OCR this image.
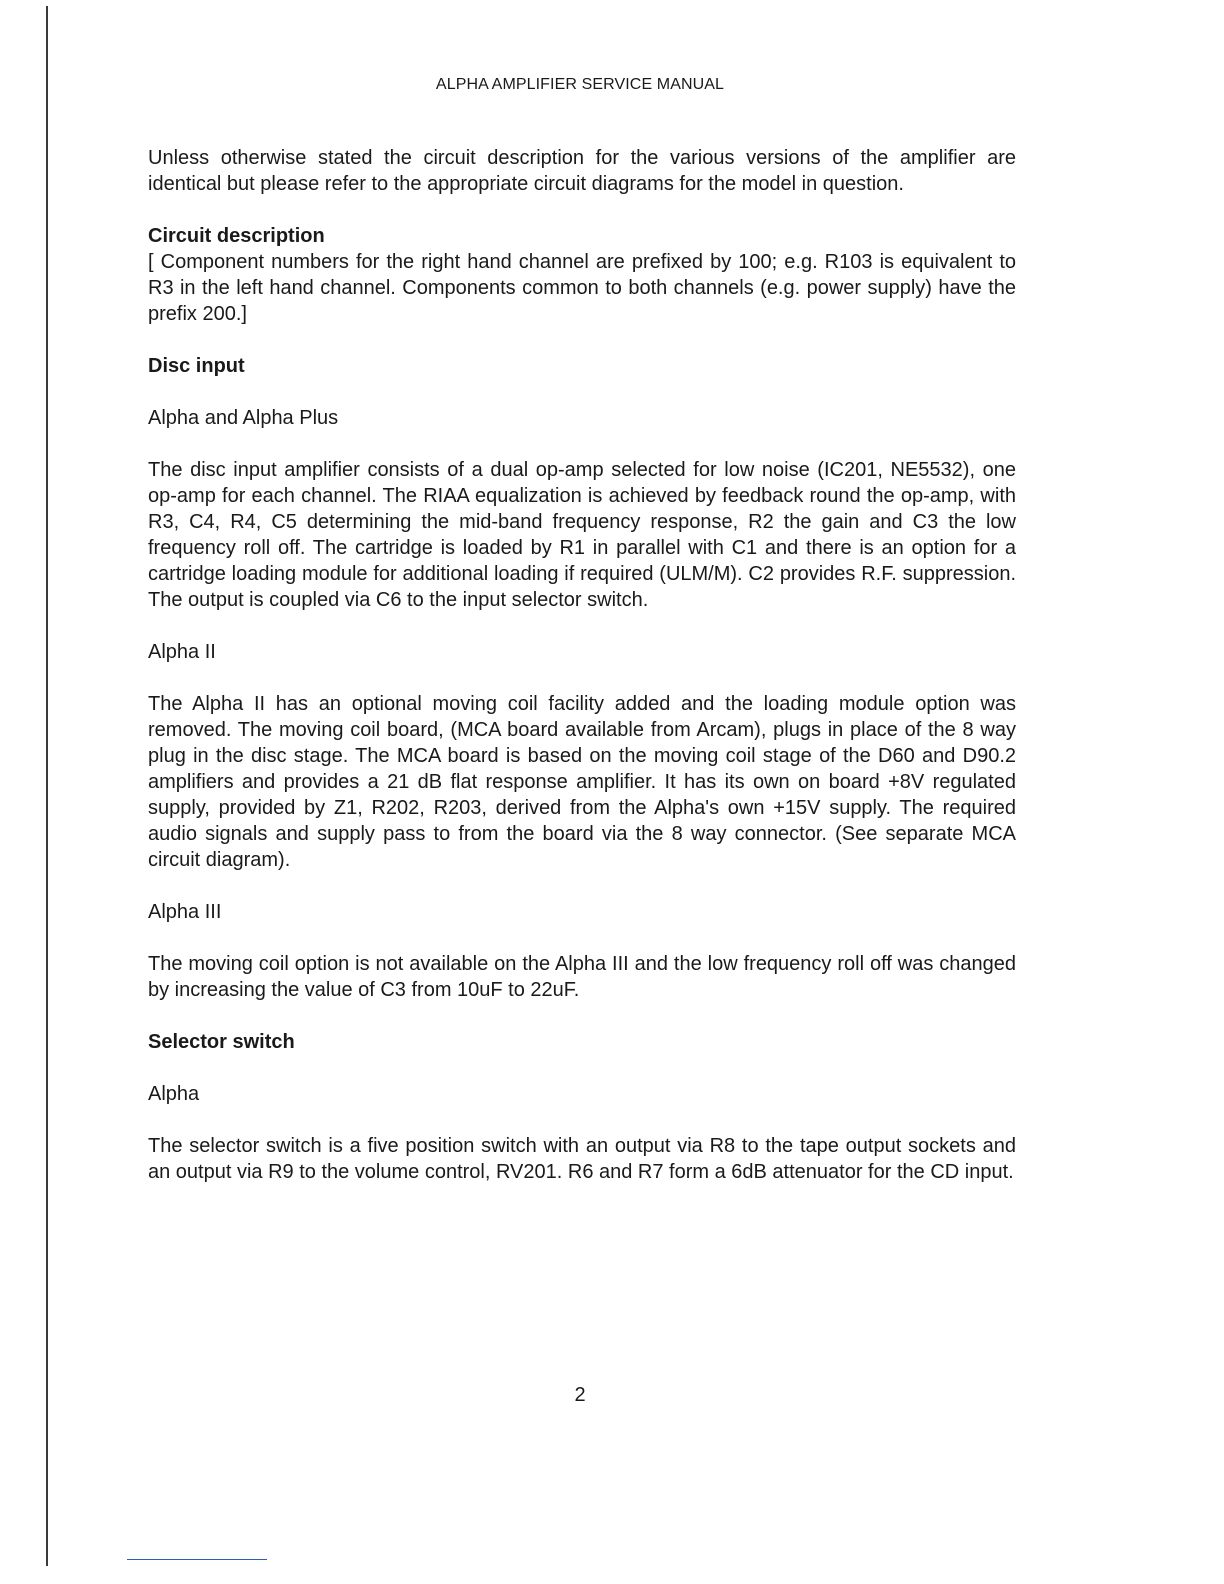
ALPHA AMPLIFIER SERVICE MANUAL

Unless otherwise stated the circuit description for the various versions of the amplifier are identical but please refer to the appropriate circuit diagrams for the model in question.

Circuit description

[ Component numbers for the right hand channel are prefixed by 100; e.g. R103 is equivalent to R3 in the left hand channel. Components common to both channels (e.g. power supply) have the prefix 200.]

Disc input

Alpha and Alpha Plus

The disc input amplifier consists of a dual op-amp selected for low noise (IC201, NE5532), one op-amp for each channel. The RIAA equalization is achieved by feedback round the op-amp, with R3, C4, R4, C5 determining the mid-band frequency response, R2 the gain and C3 the low frequency roll off. The cartridge is loaded by R1 in parallel with C1 and there is an option for a cartridge loading module for additional loading if required (ULM/M). C2 provides R.F. suppression. The output is coupled via C6 to the input selector switch.

Alpha II

The Alpha II has an optional moving coil facility added and the loading module option was removed. The moving coil board, (MCA board available from Arcam), plugs in place of the 8 way plug in the disc stage. The MCA board is based on the moving coil stage of the D60 and D90.2 amplifiers and provides a 21 dB flat response amplifier. It has its own on board +8V regulated supply, provided by Z1, R202, R203, derived from the Alpha's own +15V supply. The required audio signals and supply pass to from the board via the 8 way connector. (See separate MCA circuit diagram).

Alpha III

The moving coil option is not available on the Alpha III and the low frequency roll off was changed by increasing the value of C3 from 10uF to 22uF.

Selector switch

Alpha

The selector switch is a five position switch with an output via R8 to the tape output sockets and an output via R9 to the volume control, RV201. R6 and R7 form a 6dB attenuator for the CD input.

2
